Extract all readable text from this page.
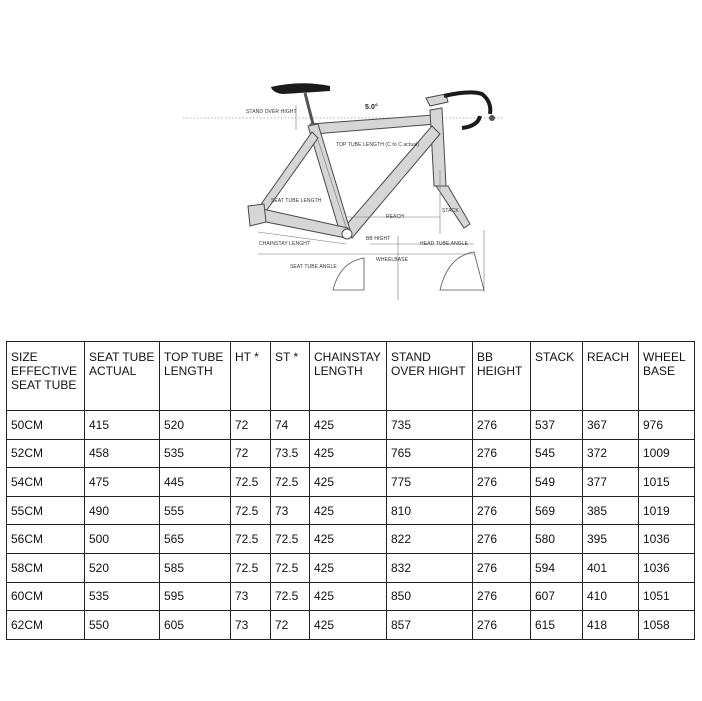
STAND OVER HIGHT
5.0°
TOP TUBE LENGTH (C to C actual)
SEAT TUBE LENGTH
REACH
STACK
CHAINSTAY LENGHT
BB HIGHT
HEAD TUBE ANGLE
WHEELBASE
SEAT TUBE ANGLE
SIZE EFFECTIVE SEAT TUBE	SEAT TUBE ACTUAL	TOP TUBE LENGTH	HT *	ST *	CHAINSTAY LENGTH	STAND OVER HIGHT	BB HEIGHT	STACK	REACH	WHEEL BASE
50CM	415	520	72	74	425	735	276	537	367	976
52CM	458	535	72	73.5	425	765	276	545	372	1009
54CM	475	445	72.5	72.5	425	775	276	549	377	1015
55CM	490	555	72.5	73	425	810	276	569	385	1019
56CM	500	565	72.5	72.5	425	822	276	580	395	1036
58CM	520	585	72.5	72.5	425	832	276	594	401	1036
60CM	535	595	73	72.5	425	850	276	607	410	1051
62CM	550	605	73	72	425	857	276	615	418	1058
